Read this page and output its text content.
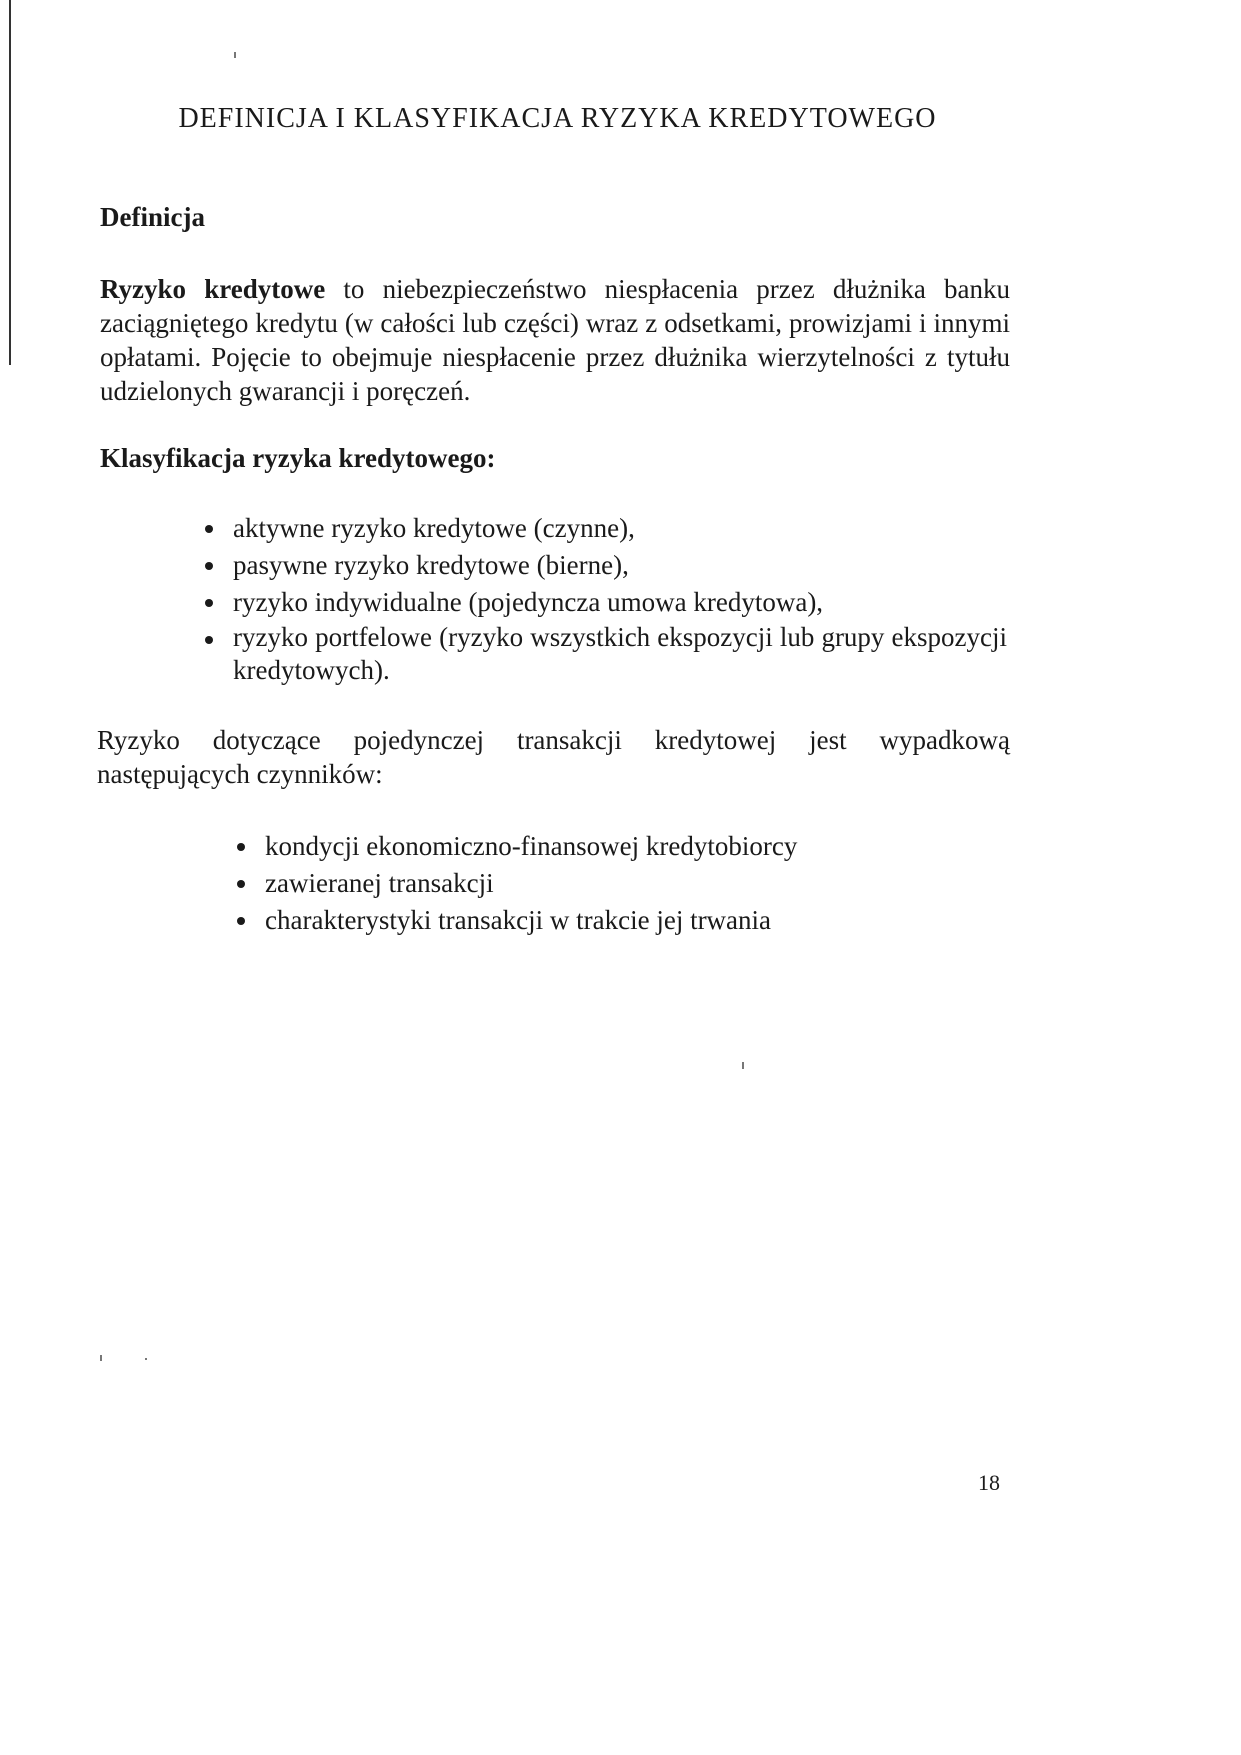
DEFINICJA I KLASYFIKACJA RYZYKA KREDYTOWEGO
Definicja

Ryzyko kredytowe to niebezpieczeństwo niespłacenia przez dłużnika banku zaciągniętego kredytu (w całości lub części) wraz z odsetkami, prowizjami i innymi opłatami. Pojęcie to obejmuje niespłacenie przez dłużnika wierzytelności z tytułu udzielonych gwarancji i poręczeń.

Klasyfikacja ryzyka kredytowego:
aktywne ryzyko kredytowe (czynne),
pasywne ryzyko kredytowe (bierne),
ryzyko indywidualne (pojedyncza umowa kredytowa),
ryzyko portfelowe (ryzyko wszystkich ekspozycji lub grupy ekspozycji kredytowych).

Ryzyko dotyczące pojedynczej transakcji kredytowej jest wypadkową następujących czynników:

kondycji ekonomiczno-finansowej kredytobiorcy
zawieranej transakcji
charakterystyki transakcji w trakcie jej trwania
18
